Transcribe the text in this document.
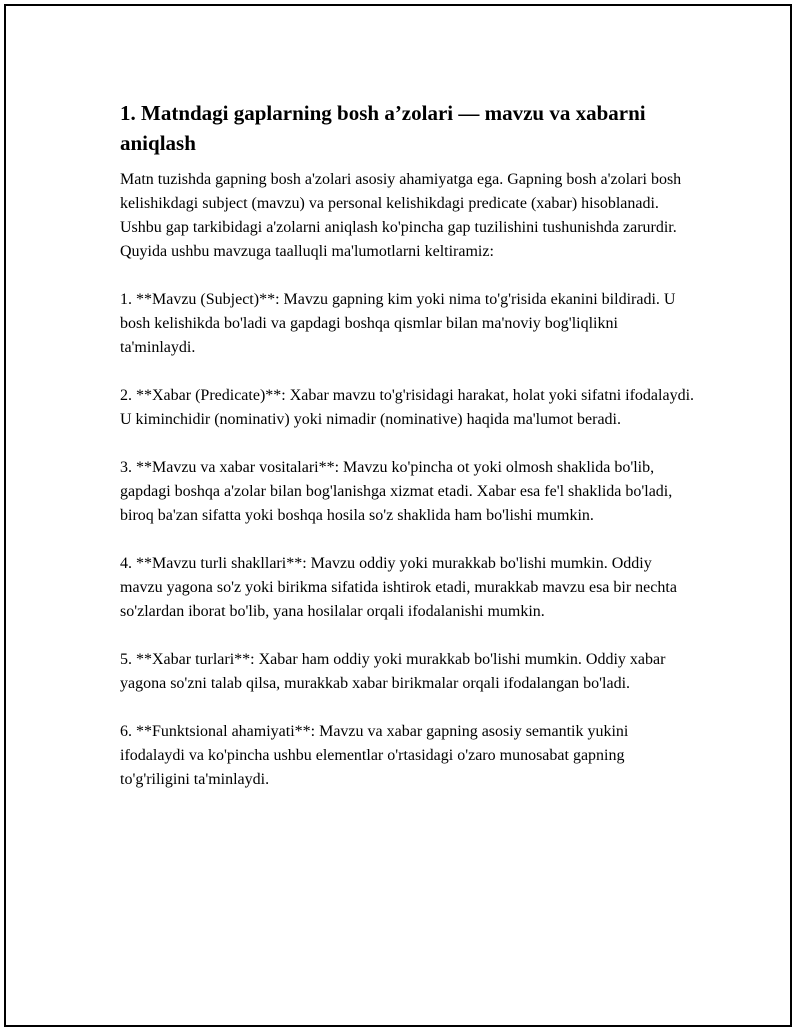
1. Matndagi gaplarning bosh a’zolari — mavzu va xabarni aniqlash

Matn tuzishda gapning bosh a'zolari asosiy ahamiyatga ega. Gapning bosh a'zolari bosh kelishikdagi subject (mavzu) va personal kelishikdagi predicate (xabar) hisoblanadi. Ushbu gap tarkibidagi a'zolarni aniqlash ko'pincha gap tuzilishini tushunishda zarurdir. Quyida ushbu mavzuga taalluqli ma'lumotlarni keltiramiz:

1. **Mavzu (Subject)**: Mavzu gapning kim yoki nima to'g'risida ekanini bildiradi. U bosh kelishikda bo'ladi va gapdagi boshqa qismlar bilan ma'noviy bog'liqlikni ta'minlaydi.

2. **Xabar (Predicate)**: Xabar mavzu to'g'risidagi harakat, holat yoki sifatni ifodalaydi. U kiminchidir (nominativ) yoki nimadir (nominative) haqida ma'lumot beradi.

3. **Mavzu va xabar vositalari**: Mavzu ko'pincha ot yoki olmosh shaklida bo'lib, gapdagi boshqa a'zolar bilan bog'lanishga xizmat etadi. Xabar esa fe'l shaklida bo'ladi, biroq ba'zan sifatta yoki boshqa hosila so'z shaklida ham bo'lishi mumkin.

4. **Mavzu turli shakllari**: Mavzu oddiy yoki murakkab bo'lishi mumkin. Oddiy mavzu yagona so'z yoki birikma sifatida ishtirok etadi, murakkab mavzu esa bir nechta so'zlardan iborat bo'lib, yana hosilalar orqali ifodalanishi mumkin.

5. **Xabar turlari**: Xabar ham oddiy yoki murakkab bo'lishi mumkin. Oddiy xabar yagona so'zni talab qilsa, murakkab xabar birikmalar orqali ifodalangan bo'ladi.

6. **Funktsional ahamiyati**: Mavzu va xabar gapning asosiy semantik yukini ifodalaydi va ko'pincha ushbu elementlar o'rtasidagi o'zaro munosabat gapning to'g'riligini ta'minlaydi.
